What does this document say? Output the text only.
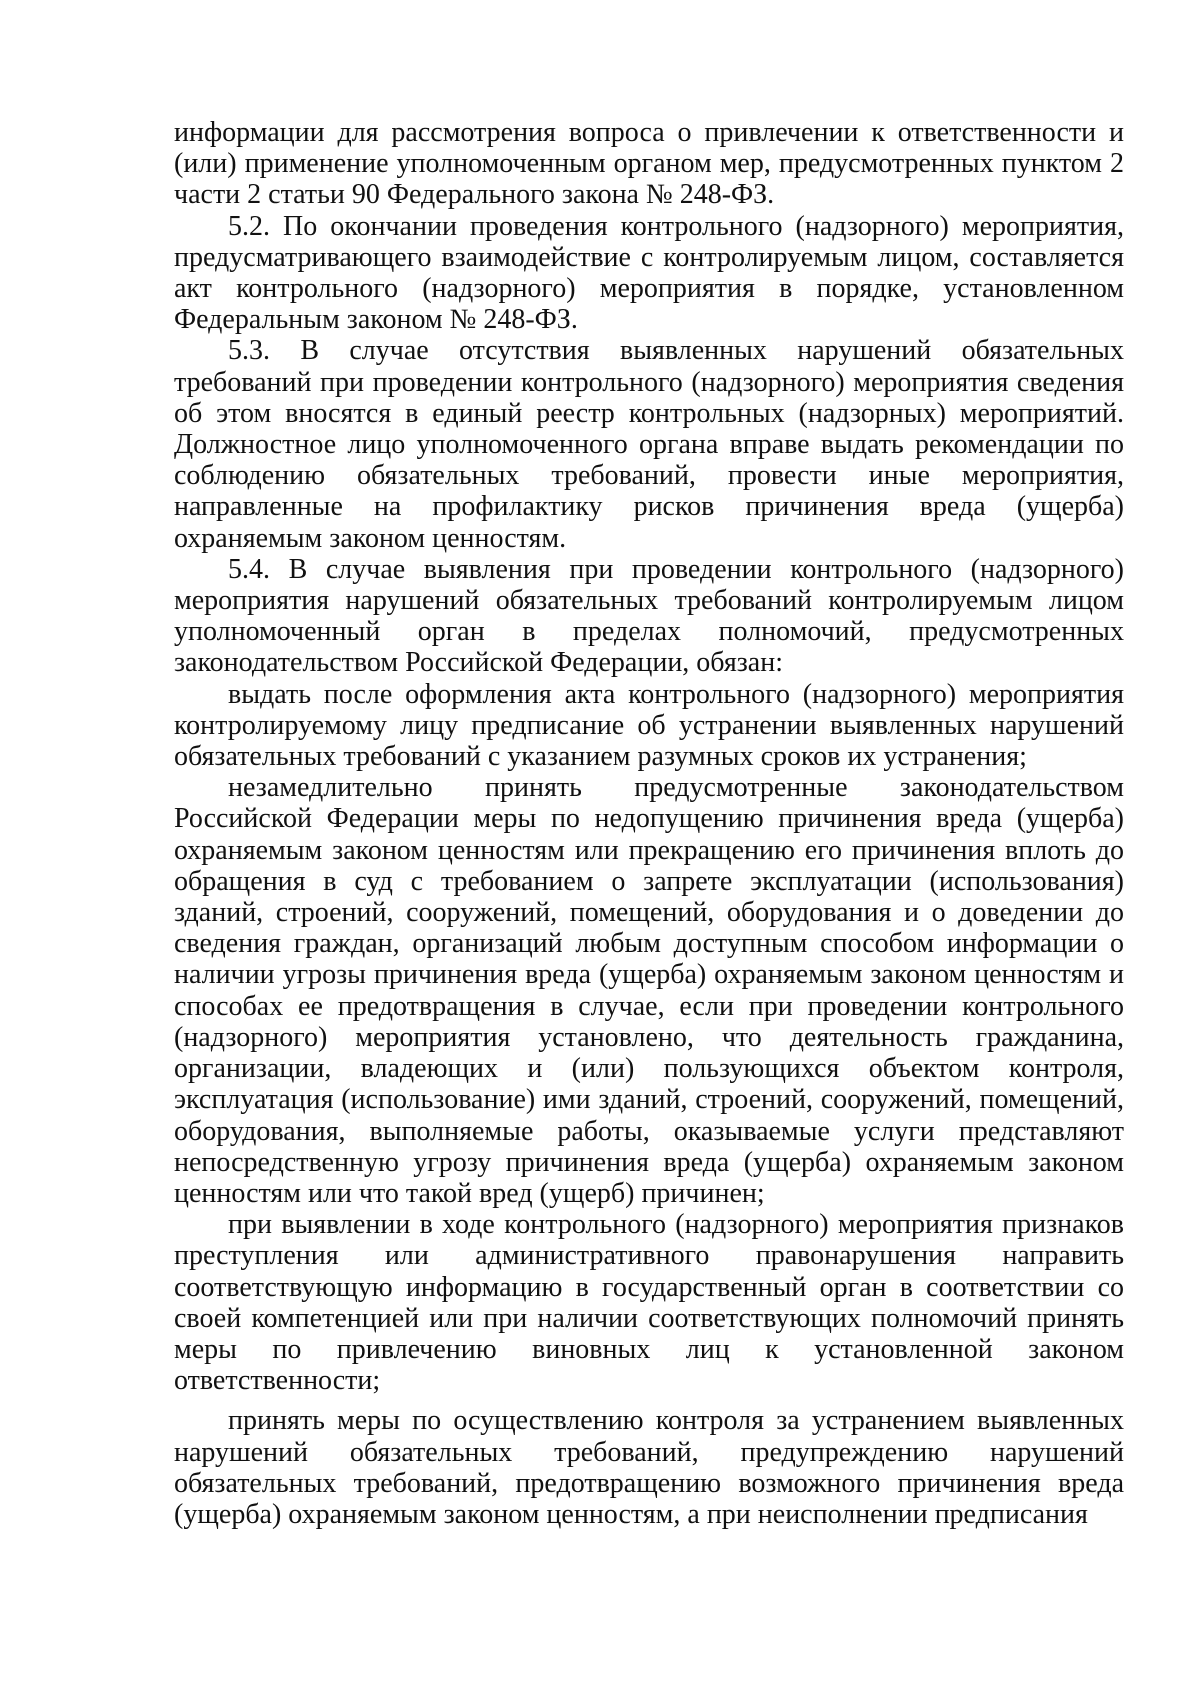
информации для рассмотрения вопроса о привлечении к ответственности и (или) применение уполномоченным органом мер, предусмотренных пунктом 2 части 2 статьи 90 Федерального закона № 248-ФЗ.

5.2. По окончании проведения контрольного (надзорного) мероприятия, предусматривающего взаимодействие с контролируемым лицом, составляется акт контрольного (надзорного) мероприятия в порядке, установленном Федеральным законом № 248-ФЗ.

5.3. В случае отсутствия выявленных нарушений обязательных требований при проведении контрольного (надзорного) мероприятия сведения об этом вносятся в единый реестр контрольных (надзорных) мероприятий. Должностное лицо уполномоченного органа вправе выдать рекомендации по соблюдению обязательных требований, провести иные мероприятия, направленные на профилактику рисков причинения вреда (ущерба) охраняемым законом ценностям.

5.4. В случае выявления при проведении контрольного (надзорного) мероприятия нарушений обязательных требований контролируемым лицом уполномоченный орган в пределах полномочий, предусмотренных законодательством Российской Федерации, обязан:

выдать после оформления акта контрольного (надзорного) мероприятия контролируемому лицу предписание об устранении выявленных нарушений обязательных требований с указанием разумных сроков их устранения;

незамедлительно принять предусмотренные законодательством Российской Федерации меры по недопущению причинения вреда (ущерба) охраняемым законом ценностям или прекращению его причинения вплоть до обращения в суд с требованием о запрете эксплуатации (использования) зданий, строений, сооружений, помещений, оборудования и о доведении до сведения граждан, организаций любым доступным способом информации о наличии угрозы причинения вреда (ущерба) охраняемым законом ценностям и способах ее предотвращения в случае, если при проведении контрольного (надзорного) мероприятия установлено, что деятельность гражданина, организации, владеющих и (или) пользующихся объектом контроля, эксплуатация (использование) ими зданий, строений, сооружений, помещений, оборудования, выполняемые работы, оказываемые услуги представляют непосредственную угрозу причинения вреда (ущерба) охраняемым законом ценностям или что такой вред (ущерб) причинен;

при выявлении в ходе контрольного (надзорного) мероприятия признаков преступления или административного правонарушения направить соответствующую информацию в государственный орган в соответствии со своей компетенцией или при наличии соответствующих полномочий принять меры по привлечению виновных лиц к установленной законом ответственности;

принять меры по осуществлению контроля за устранением выявленных нарушений обязательных требований, предупреждению нарушений обязательных требований, предотвращению возможного причинения вреда (ущерба) охраняемым законом ценностям, а при неисполнении предписания
